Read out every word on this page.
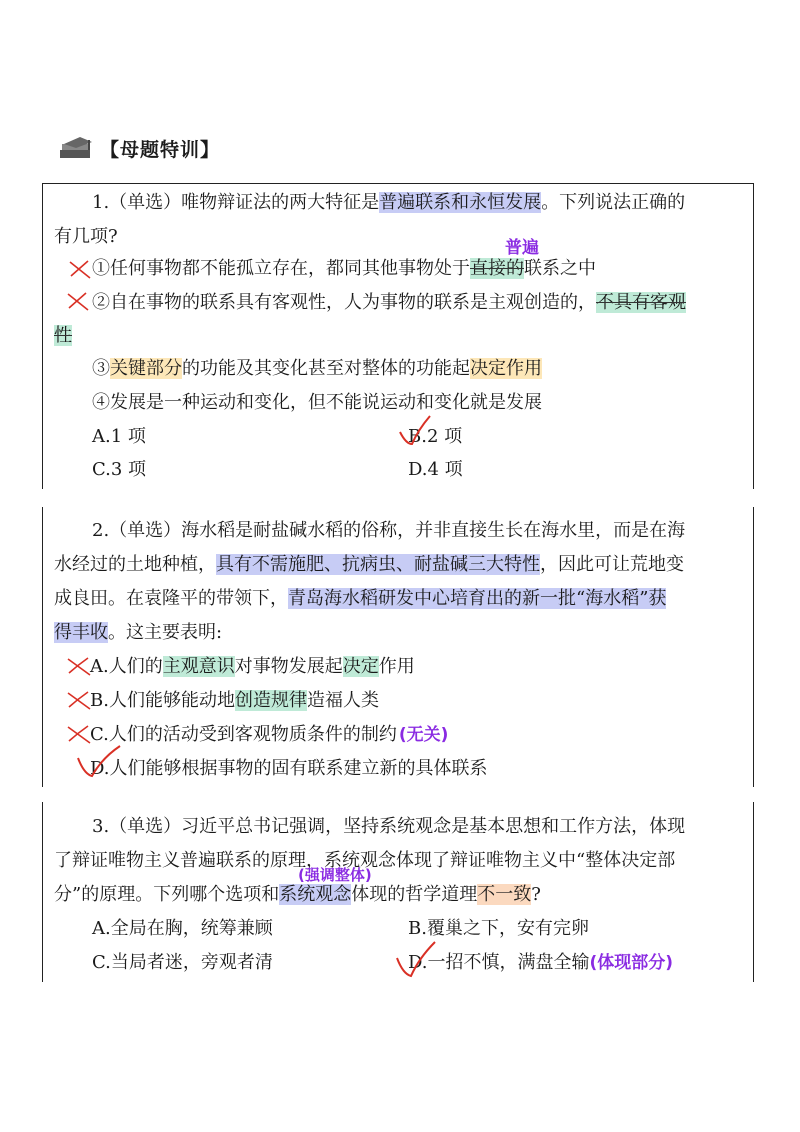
【母题特训】
1.（单选）唯物辩证法的两大特征是普遍联系和永恒发展。下列说法正确的
有几项?
普遍
①任何事物都不能孤立存在，都同其他事物处于直接的联系之中
②自在事物的联系具有客观性，人为事物的联系是主观创造的，不具有客观
性
③关键部分的功能及其变化甚至对整体的功能起决定作用
④发展是一种运动和变化，但不能说运动和变化就是发展
A.1 项	B.2 项
C.3 项	D.4 项
2.（单选）海水稻是耐盐碱水稻的俗称，并非直接生长在海水里，而是在海
水经过的土地种植，具有不需施肥、抗病虫、耐盐碱三大特性，因此可让荒地变
成良田。在袁隆平的带领下，青岛海水稻研发中心培育出的新一批“海水稻”获
得丰收。这主要表明:
A.人们的主观意识对事物发展起决定作用
B.人们能够能动地创造规律造福人类
C.人们的活动受到客观物质条件的制约 (无关)
D.人们能够根据事物的固有联系建立新的具体联系
3.（单选）习近平总书记强调，坚持系统观念是基本思想和工作方法，体现
了辩证唯物主义普遍联系的原理，系统观念体现了辩证唯物主义中“整体决定部
(强调整体)
分”的原理。下列哪个选项和系统观念体现的哲学道理不一致?
A.全局在胸，统筹兼顾	B.覆巢之下，安有完卵
C.当局者迷，旁观者清	D.一招不慎，满盘全输(体现部分)
